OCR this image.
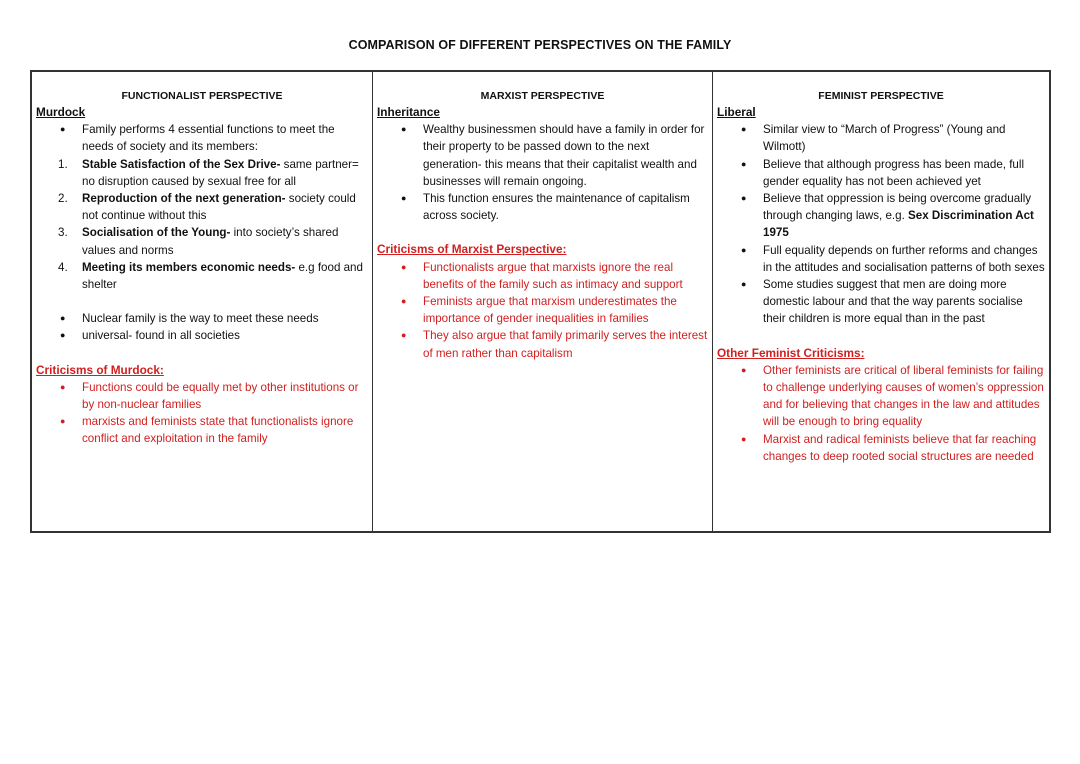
COMPARISON OF DIFFERENT PERSPECTIVES ON THE FAMILY
FUNCTIONALIST PERSPECTIVE
Murdock
● Family performs 4 essential functions to meet the needs of society and its members:
1. Stable Satisfaction of the Sex Drive- same partner= no disruption caused by sexual free for all
2. Reproduction of the next generation- society could not continue without this
3. Socialisation of the Young- into society’s shared values and norms
4. Meeting its members economic needs- e.g food and shelter
● Nuclear family is the way to meet these needs
● universal- found in all societies
Criticisms of Murdock:
● Functions could be equally met by other institutions or by non-nuclear families
● marxists and feminists state that functionalists ignore conflict and exploitation in the family
MARXIST PERSPECTIVE
Inheritance
● Wealthy businessmen should have a family in order for their property to be passed down to the next generation- this means that their capitalist wealth and businesses will remain ongoing.
● This function ensures the maintenance of capitalism across society.
Criticisms of Marxist Perspective:
● Functionalists argue that marxists ignore the real benefits of the family such as intimacy and support
● Feminists argue that marxism underestimates the importance of gender inequalities in families
● They also argue that family primarily serves the interest of men rather than capitalism
FEMINIST PERSPECTIVE
Liberal
● Similar view to “March of Progress” (Young and Wilmott)
● Believe that although progress has been made, full gender equality has not been achieved yet
● Believe that oppression is being overcome gradually through changing laws, e.g. Sex Discrimination Act 1975
● Full equality depends on further reforms and changes in the attitudes and socialisation patterns of both sexes
● Some studies suggest that men are doing more domestic labour and that the way parents socialise their children is more equal than in the past
Other Feminist Criticisms:
● Other feminists are critical of liberal feminists for failing to challenge underlying causes of women’s oppression and for believing that changes in the law and attitudes will be enough to bring equality
● Marxist and radical feminists believe that far reaching changes to deep rooted social structures are needed
